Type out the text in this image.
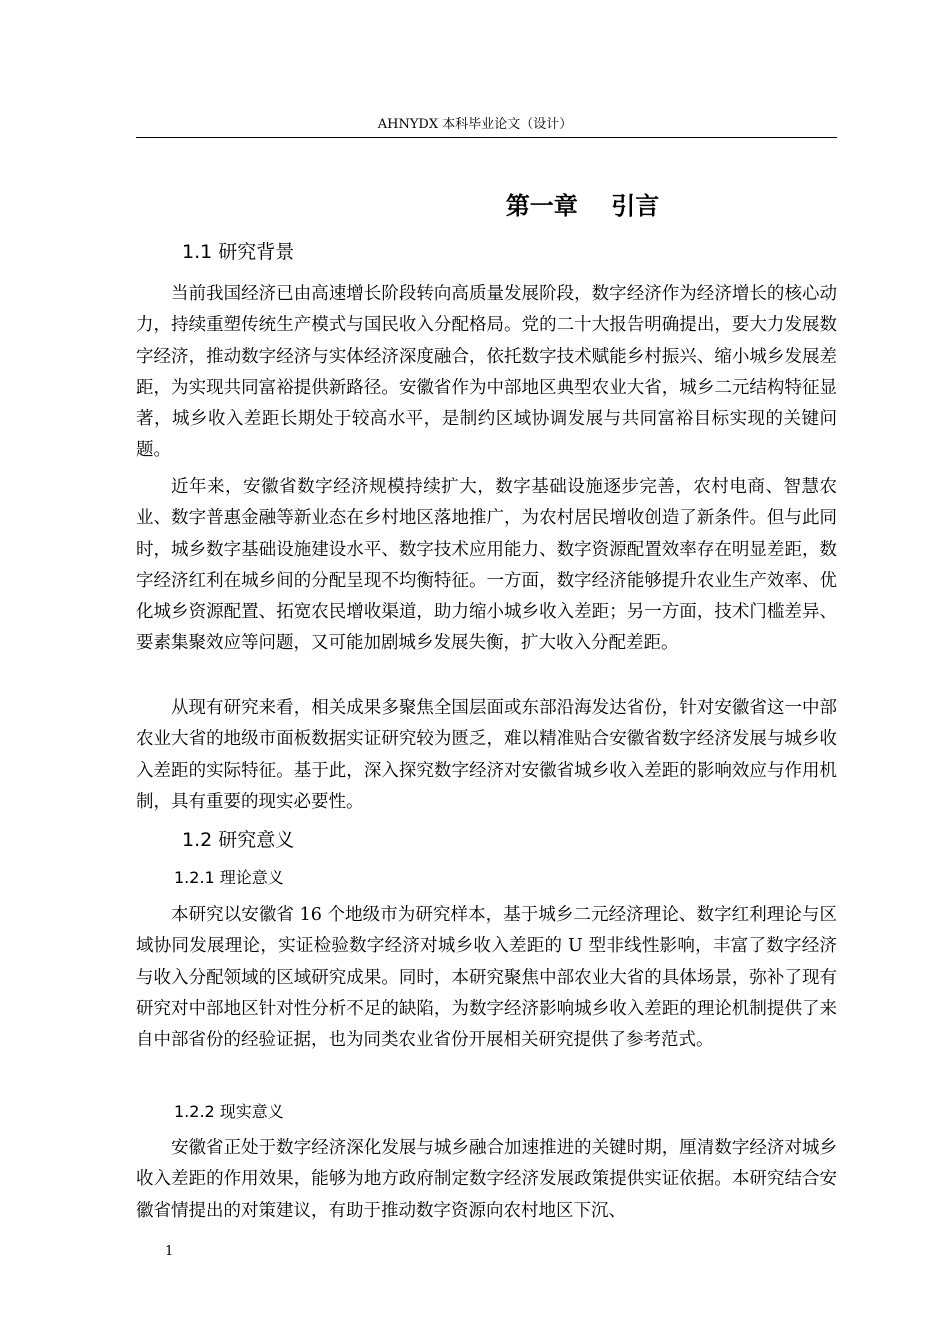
AHNYDX 本科毕业论文（设计）
第一章    引言
1.1 研究背景

当前我国经济已由高速增长阶段转向高质量发展阶段，数字经济作为经济增长的核心动力，持续重塑传统生产模式与国民收入分配格局。党的二十大报告明确提出，要大力发展数字经济，推动数字经济与实体经济深度融合，依托数字技术赋能乡村振兴、缩小城乡发展差距，为实现共同富裕提供新路径。安徽省作为中部地区典型农业大省，城乡二元结构特征显著，城乡收入差距长期处于较高水平，是制约区域协调发展与共同富裕目标实现的关键问题。

近年来，安徽省数字经济规模持续扩大，数字基础设施逐步完善，农村电商、智慧农业、数字普惠金融等新业态在乡村地区落地推广，为农村居民增收创造了新条件。但与此同时，城乡数字基础设施建设水平、数字技术应用能力、数字资源配置效率存在明显差距，数字经济红利在城乡间的分配呈现不均衡特征。一方面，数字经济能够提升农业生产效率、优化城乡资源配置、拓宽农民增收渠道，助力缩小城乡收入差距；另一方面，技术门槛差异、要素集聚效应等问题，又可能加剧城乡发展失衡，扩大收入分配差距。

从现有研究来看，相关成果多聚焦全国层面或东部沿海发达省份，针对安徽省这一中部农业大省的地级市面板数据实证研究较为匮乏，难以精准贴合安徽省数字经济发展与城乡收入差距的实际特征。基于此，深入探究数字经济对安徽省城乡收入差距的影响效应与作用机制，具有重要的现实必要性。

1.2 研究意义
1.2.1 理论意义

本研究以安徽省 16 个地级市为研究样本，基于城乡二元经济理论、数字红利理论与区域协同发展理论，实证检验数字经济对城乡收入差距的 U 型非线性影响，丰富了数字经济与收入分配领域的区域研究成果。同时，本研究聚焦中部农业大省的具体场景，弥补了现有研究对中部地区针对性分析不足的缺陷，为数字经济影响城乡收入差距的理论机制提供了来自中部省份的经验证据，也为同类农业省份开展相关研究提供了参考范式。

1.2.2 现实意义

安徽省正处于数字经济深化发展与城乡融合加速推进的关键时期，厘清数字经济对城乡收入差距的作用效果，能够为地方政府制定数字经济发展政策提供实证依据。本研究结合安徽省情提出的对策建议，有助于推动数字资源向农村地区下沉、

1
